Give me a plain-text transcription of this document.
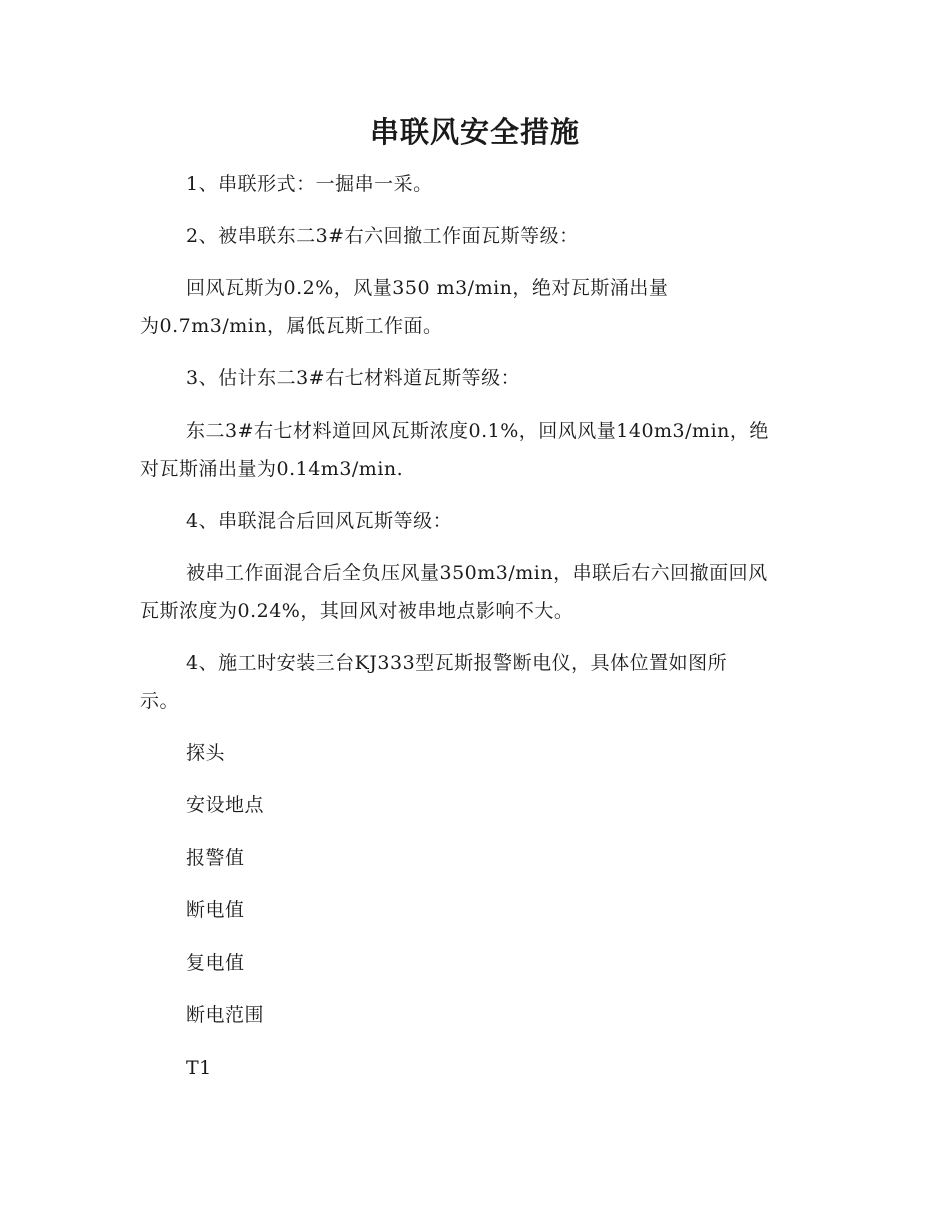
串联风安全措施
1、串联形式：一掘串一采。
2、被串联东二3#右六回撤工作面瓦斯等级：
回风瓦斯为0.2%，风量350 m3/min，绝对瓦斯涌出量
为0.7m3/min，属低瓦斯工作面。
3、估计东二3#右七材料道瓦斯等级：
东二3#右七材料道回风瓦斯浓度0.1%，回风风量140m3/min，绝
对瓦斯涌出量为0.14m3/min.
4、串联混合后回风瓦斯等级：
被串工作面混合后全负压风量350m3/min，串联后右六回撤面回风
瓦斯浓度为0.24%，其回风对被串地点影响不大。
4、施工时安装三台KJ333型瓦斯报警断电仪，具体位置如图所
示。
探头
安设地点
报警值
断电值
复电值
断电范围
T1
